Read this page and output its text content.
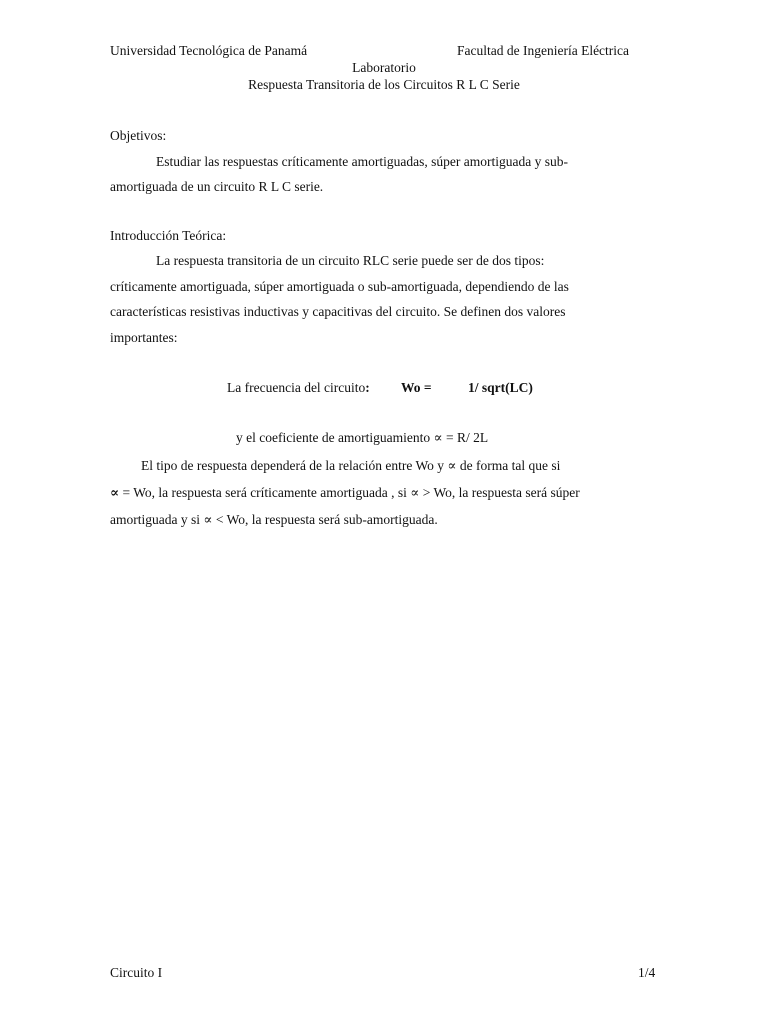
Universidad Tecnológica de Panamá	Facultad de Ingeniería Eléctrica
Laboratorio
Respuesta Transitoria de los Circuitos R L C Serie
Objetivos:
Estudiar las respuestas críticamente amortiguadas, súper amortiguada y sub-
amortiguada de un circuito R L C serie.
Introducción Teórica:
La respuesta transitoria de un circuito RLC serie puede ser de dos tipos:
críticamente amortiguada, súper amortiguada o sub-amortiguada, dependiendo de las
características resistivas inductivas y capacitivas del circuito. Se definen dos valores
importantes:
La frecuencia del circuito: Wo =	1/ sqrt(LC)
y el coeficiente de amortiguamiento ∝ = R/ 2L
El tipo de respuesta dependerá de la relación entre Wo y ∝ de forma tal que si
∝ = Wo, la respuesta será críticamente amortiguada , si ∝ > Wo, la respuesta será súper
amortiguada y si ∝ < Wo, la respuesta será sub-amortiguada.
Circuito I	1/4
